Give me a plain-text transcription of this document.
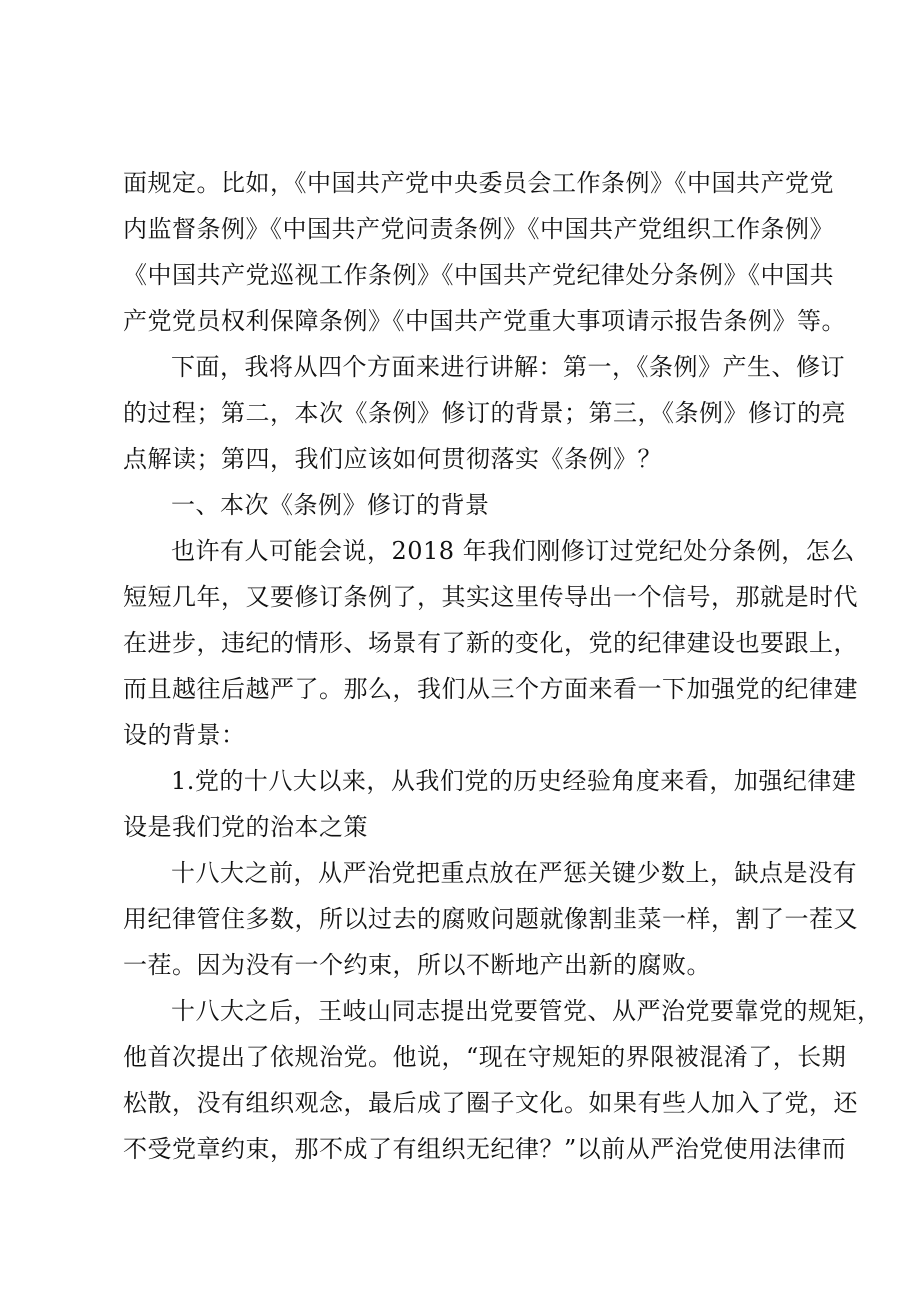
面规定。比如，《中国共产党中央委员会工作条例》《中国共产党党
内监督条例》《中国共产党问责条例》《中国共产党组织工作条例》
《中国共产党巡视工作条例》《中国共产党纪律处分条例》《中国共
产党党员权利保障条例》《中国共产党重大事项请示报告条例》等。

下面，我将从四个方面来进行讲解：第一，《条例》产生、修订
的过程；第二，本次《条例》修订的背景；第三，《条例》修订的亮
点解读；第四，我们应该如何贯彻落实《条例》？

一、本次《条例》修订的背景

也许有人可能会说，2018 年我们刚修订过党纪处分条例，怎么
短短几年，又要修订条例了，其实这里传导出一个信号，那就是时代
在进步，违纪的情形、场景有了新的变化，党的纪律建设也要跟上，
而且越往后越严了。那么，我们从三个方面来看一下加强党的纪律建
设的背景：

1.党的十八大以来，从我们党的历史经验角度来看，加强纪律建
设是我们党的治本之策

十八大之前，从严治党把重点放在严惩关键少数上，缺点是没有
用纪律管住多数，所以过去的腐败问题就像割韭菜一样，割了一茬又
一茬。因为没有一个约束，所以不断地产出新的腐败。

十八大之后，王岐山同志提出党要管党、从严治党要靠党的规矩，
他首次提出了依规治党。他说，“现在守规矩的界限被混淆了，长期
松散，没有组织观念，最后成了圈子文化。如果有些人加入了党，还
不受党章约束，那不成了有组织无纪律？”以前从严治党使用法律而
